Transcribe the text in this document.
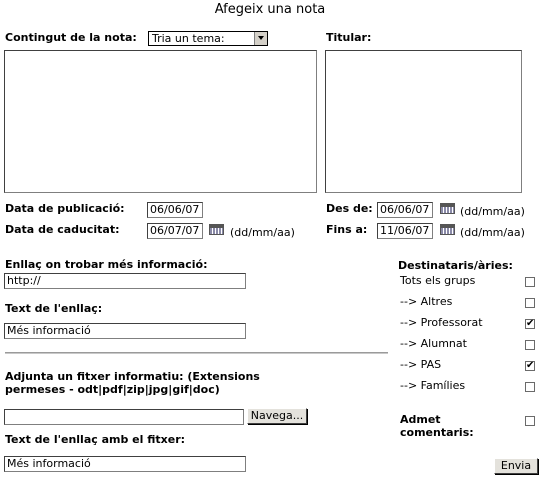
Afegeix una nota
Contingut de la nota:	Tria un tema:	Titular:
Data de publicació: 06/06/07
Data de caducitat:	06/07/07	(dd/mm/aa)
Des de: 06/06/07	(dd/mm/aa)
Fins a: 11/06/07	(dd/mm/aa)
Enllaç on trobar més informació:
http://
Text de l'enllaç:
Més informació
Adjunta un fitxer informatiu: (Extensions permeses - odt|pdf|zip|jpg|gif|doc)
Navega...
Text de l'enllaç amb el fitxer:
Més informació
Destinataris/àries:
Tots els grups
--> Altres
--> Professorat	✔
--> Alumnat
--> PAS	✔
--> Famílies
Admet comentaris:
Envia
